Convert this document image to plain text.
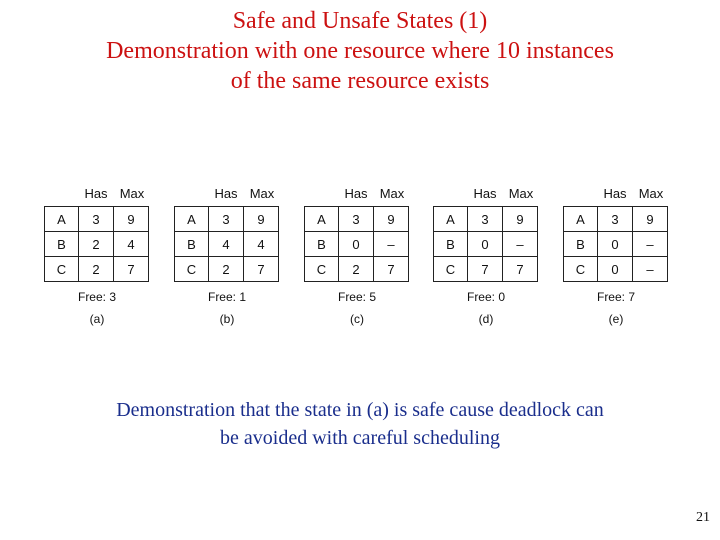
Safe and Unsafe States (1)
Demonstration with one resource where 10 instances
of the same resource exists
Has Max
A	3	9
B	2	4
C	2	7
Free: 3
(a)
Has Max
A	3	9
B	4	4
C	2	7
Free: 1
(b)
Has Max
A	3	9
B	0	–
C	2	7
Free: 5
(c)
Has Max
A	3	9
B	0	–
C	7	7
Free: 0
(d)
Has Max
A	3	9
B	0	–
C	0	–
Free: 7
(e)
Demonstration that the state in (a) is safe cause deadlock can
be avoided with careful scheduling
21
